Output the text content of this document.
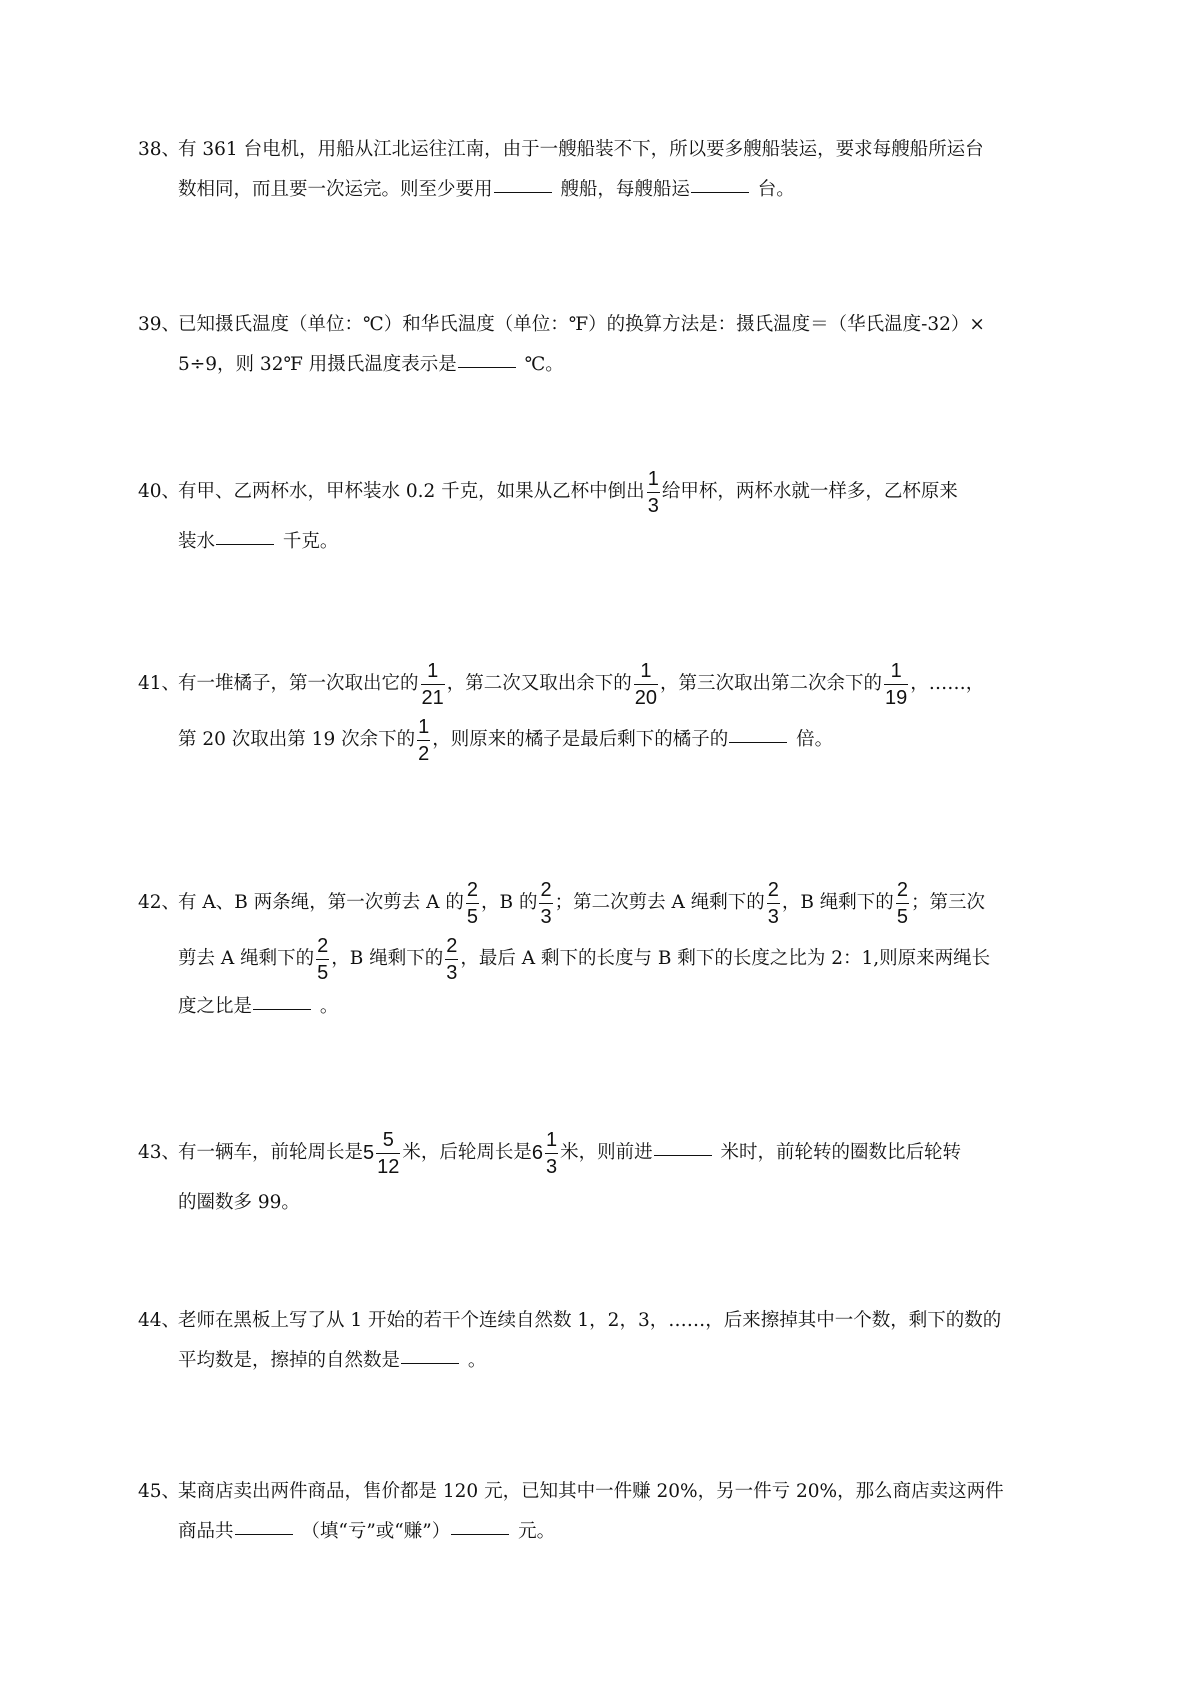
38、有 361 台电机，用船从江北运往江南，由于一艘船装不下，所以要多艘船装运，要求每艘船所运台
数相同，而且要一次运完。则至少要用	艘船，每艘船运	台。
39、已知摄氏温度（单位：℃）和华氏温度（单位：℉）的换算方法是：摄氏温度＝（华氏温度-32）×
5÷9，则 32℉ 用摄氏温度表示是	℃。
40、有甲、乙两杯水，甲杯装水 0.2 千克，如果从乙杯中倒出 $\frac{1}{3}$ 给甲杯，两杯水就一样多，乙杯原来
装水	千克。
41、有一堆橘子，第一次取出它的 $\frac{1}{21}$ ，第二次又取出余下的 $\frac{1}{20}$ ，第三次取出第二次余下的 $\frac{1}{19}$ ，……，
第 20 次取出第 19 次余下的 $\frac{1}{2}$ ，则原来的橘子是最后剩下的橘子的	倍。
42、有 A、B 两条绳，第一次剪去 A 的 $\frac{2}{5}$ ，B 的 $\frac{2}{3}$ ；第二次剪去 A 绳剩下的 $\frac{2}{3}$ ，B 绳剩下的 $\frac{2}{5}$ ；第三次
剪去 A 绳剩下的 $\frac{2}{5}$ ，B 绳剩下的 $\frac{2}{3}$ ，最后 A 剩下的长度与 B 剩下的长度之比为 2：1,则原来两绳长
度之比是	。
43、有一辆车，前轮周长是 $5 \frac{5}{12}$ 米，后轮周长是 $6 \frac{1}{3}$ 米，则前进	米时，前轮转的圈数比后轮转
的圈数多 99。
44、老师在黑板上写了从 1 开始的若干个连续自然数 1，2，3，……，后来擦掉其中一个数，剩下的数的
平均数是，擦掉的自然数是	。
45、某商店卖出两件商品，售价都是 120 元，已知其中一件赚 20%，另一件亏 20%，那么商店卖这两件
商品共	（填“亏”或“赚”）	元。
